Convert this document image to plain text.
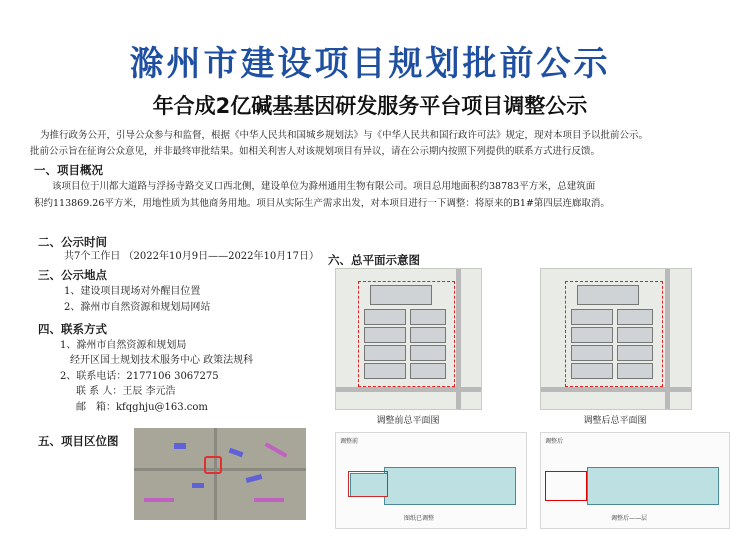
滁州市建设项目规划批前公示
年合成2亿碱基基因研发服务平台项目调整公示
为推行政务公开，引导公众参与和监督，根据《中华人民共和国城乡规划法》与《中华人民共和国行政许可法》规定，现对本项目予以批前公示。
批前公示旨在征询公众意见，并非最终审批结果。如相关利害人对该规划项目有异议，请在公示期内按照下列提供的联系方式进行反馈。
一、项目概况
该项目位于川都大道路与浮扬寺路交叉口西北侧，建设单位为滁州通用生物有限公司。项目总用地面积约38783平方米，总建筑面
积约113869.26平方米，用地性质为其他商务用地。项目从实际生产需求出发，对本项目进行一下调整：将原来的B1#第四层连廊取消。
二、公示时间
共7个工作日 （2022年10月9日——2022年10月17日）
三、公示地点
1、建设项目现场对外醒目位置
2、滁州市自然资源和规划局网站
四、联系方式
1、滁州市自然资源和规划局
经开区国土规划技术服务中心 政策法规科
2、联系电话：2177106 3067275
联 系 人：王辰 李元浩
邮　箱：kfqghju@163.com
五、项目区位图
六、总平面示意图
调整前总平面图	调整后总平面图
调整前
图纸已调整
调整后
调整后——层
